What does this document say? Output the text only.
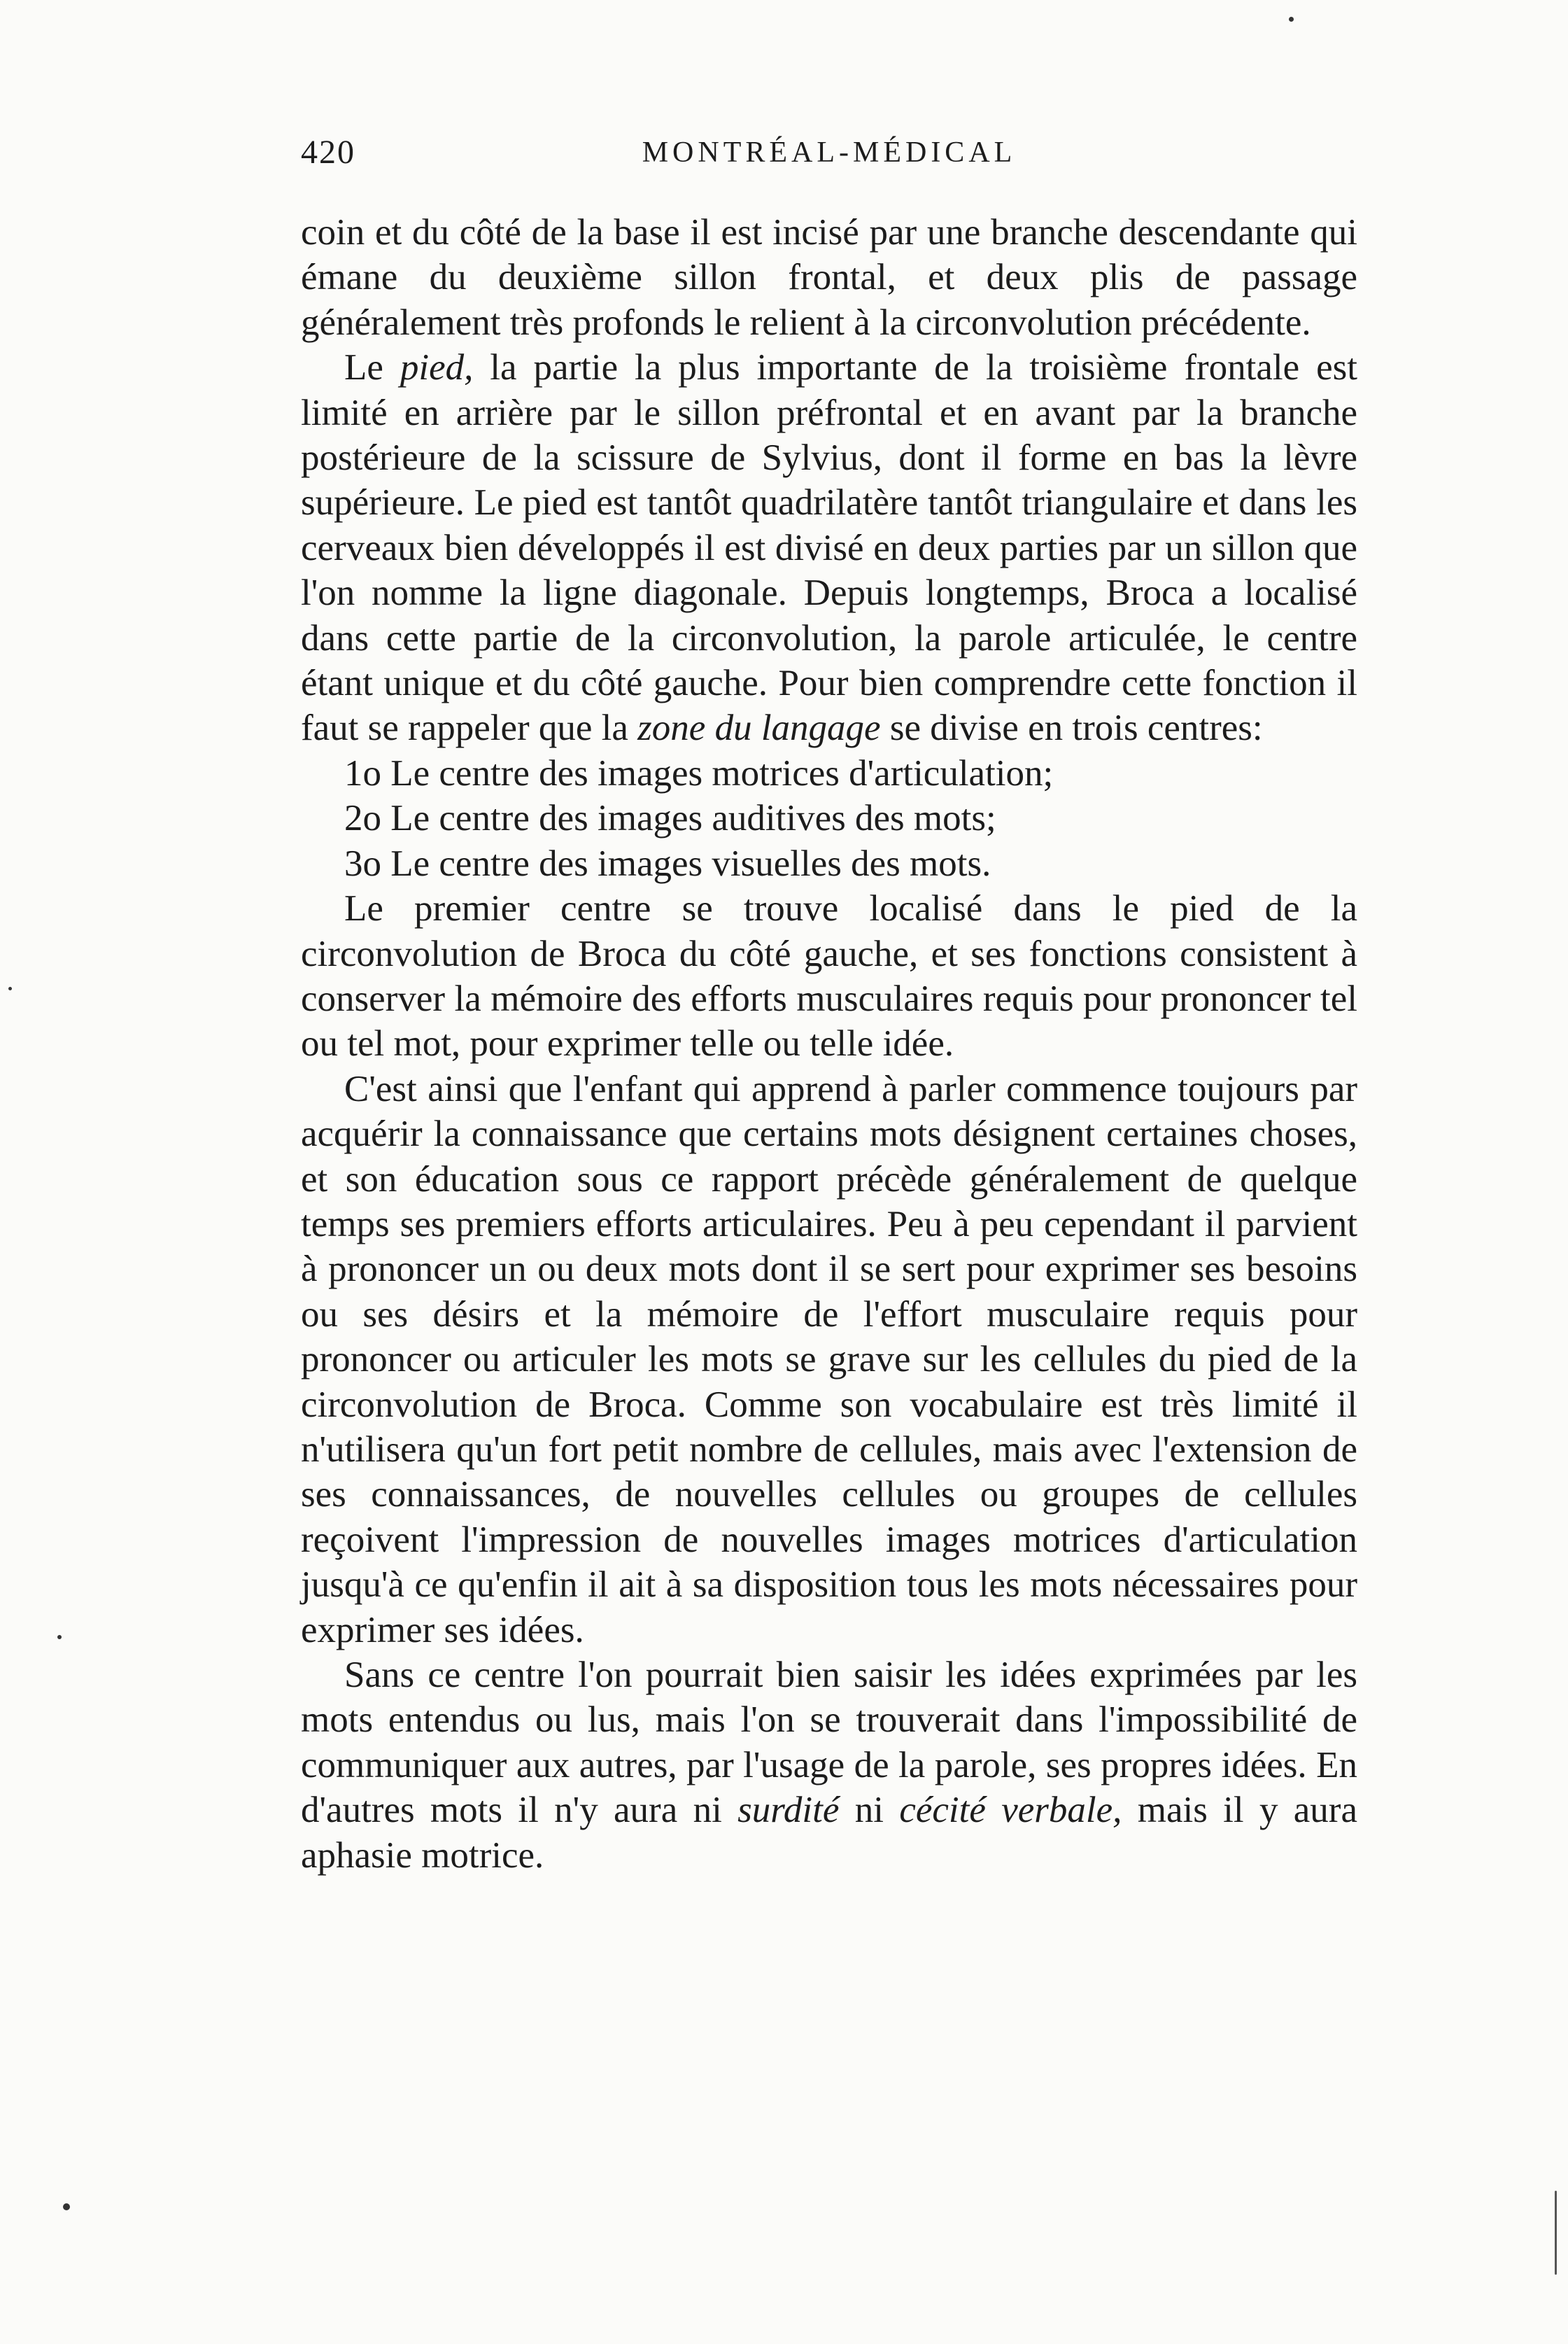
420	MONTRÉAL-MÉDICAL

coin et du côté de la base il est incisé par une branche descendante qui émane du deuxième sillon frontal, et deux plis de passage généralement très profonds le relient à la circonvolution précédente.

Le pied, la partie la plus importante de la troisième frontale est limité en arrière par le sillon préfrontal et en avant par la branche postérieure de la scissure de Sylvius, dont il forme en bas la lèvre supérieure. Le pied est tantôt quadrilatère tantôt triangulaire et dans les cerveaux bien développés il est divisé en deux parties par un sillon que l'on nomme la ligne diagonale. Depuis longtemps, Broca a localisé dans cette partie de la circonvolution, la parole articulée, le centre étant unique et du côté gauche. Pour bien comprendre cette fonction il faut se rappeler que la zone du langage se divise en trois centres:

1o Le centre des images motrices d'articulation;

2o Le centre des images auditives des mots;

3o Le centre des images visuelles des mots.

Le premier centre se trouve localisé dans le pied de la circonvolution de Broca du côté gauche, et ses fonctions consistent à conserver la mémoire des efforts musculaires requis pour prononcer tel ou tel mot, pour exprimer telle ou telle idée.

C'est ainsi que l'enfant qui apprend à parler commence toujours par acquérir la connaissance que certains mots désignent certaines choses, et son éducation sous ce rapport précède généralement de quelque temps ses premiers efforts articulaires. Peu à peu cependant il parvient à prononcer un ou deux mots dont il se sert pour exprimer ses besoins ou ses désirs et la mémoire de l'effort musculaire requis pour prononcer ou articuler les mots se grave sur les cellules du pied de la circonvolution de Broca. Comme son vocabulaire est très limité il n'utilisera qu'un fort petit nombre de cellules, mais avec l'extension de ses connaissances, de nouvelles cellules ou groupes de cellules reçoivent l'impression de nouvelles images motrices d'articulation jusqu'à ce qu'enfin il ait à sa disposition tous les mots nécessaires pour exprimer ses idées.

Sans ce centre l'on pourrait bien saisir les idées exprimées par les mots entendus ou lus, mais l'on se trouverait dans l'impossibilité de communiquer aux autres, par l'usage de la parole, ses propres idées. En d'autres mots il n'y aura ni surdité ni cécité verbale, mais il y aura aphasie motrice.
